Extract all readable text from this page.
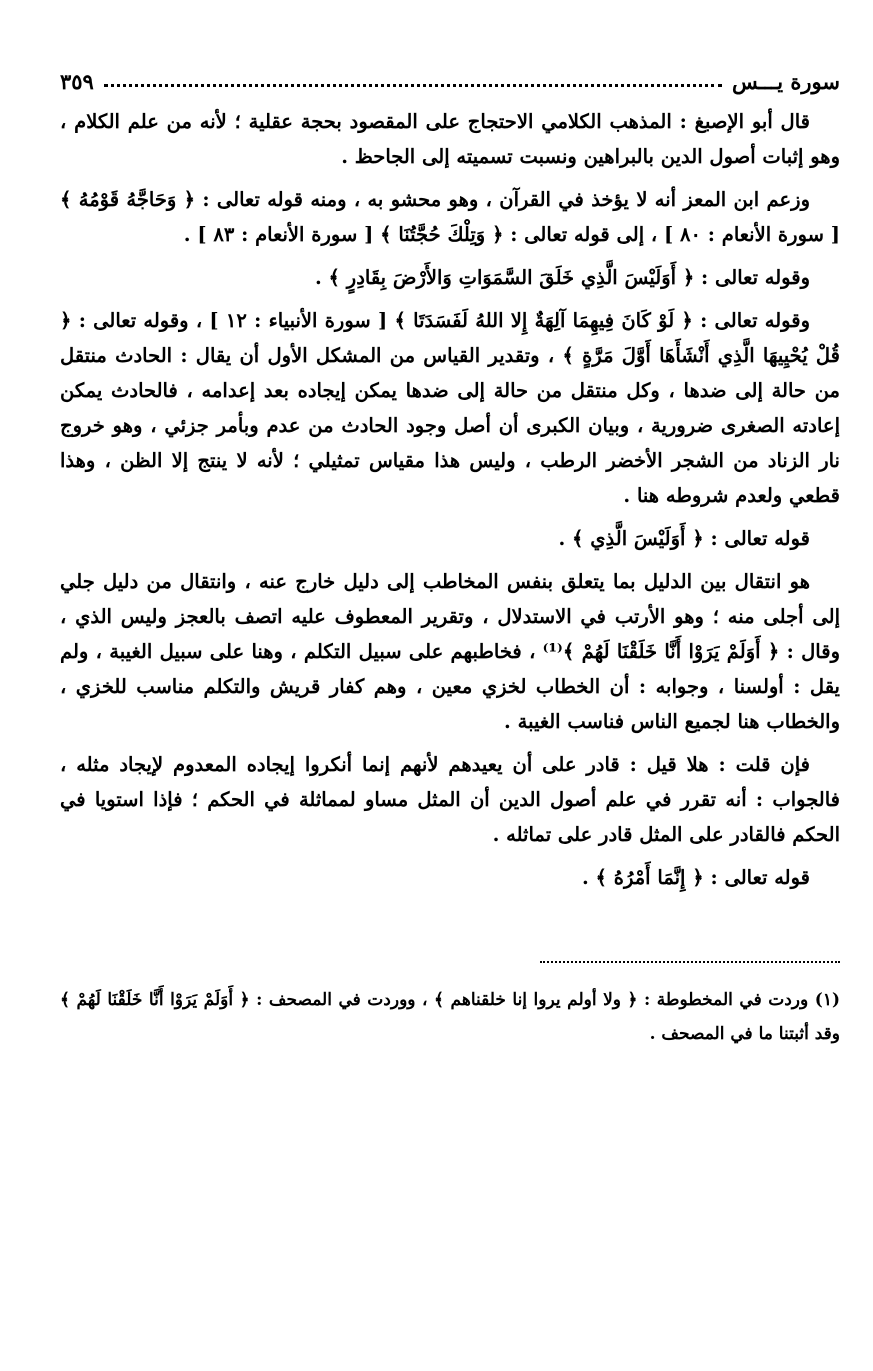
سورة يـــس
٣٥٩

قال أبو الإصبغ : المذهب الكلامي الاحتجاج على المقصود بحجة عقلية ؛ لأنه من علم الكلام ، وهو إثبات أصول الدين بالبراهين ونسبت تسميته إلى الجاحظ .

وزعم ابن المعز أنه لا يؤخذ في القرآن ، وهو محشو به ، ومنه قوله تعالى : ﴿ وَحَاجَّهُ قَوْمُهُ ﴾ [ سورة الأنعام : ٨٠ ] ، إلى قوله تعالى : ﴿ وَتِلْكَ حُجَّتُنَا ﴾ [ سورة الأنعام : ٨٣ ] .

وقوله تعالى : ﴿ أَوَلَيْسَ الَّذِي خَلَقَ السَّمَوَاتِ وَالأَرْضَ بِقَادِرٍ ﴾ .

وقوله تعالى : ﴿ لَوْ كَانَ فِيهِمَا آلِهَةٌ إِلا اللهُ لَفَسَدَتَا ﴾ [ سورة الأنبياء : ١٢ ] ، وقوله تعالى : ﴿ قُلْ يُحْيِيهَا الَّذِي أَنْشَأَهَا أَوَّلَ مَرَّةٍ ﴾ ، وتقدير القياس من المشكل الأول أن يقال : الحادث منتقل من حالة إلى ضدها ، وكل منتقل من حالة إلى ضدها يمكن إيجاده بعد إعدامه ، فالحادث يمكن إعادته الصغرى ضرورية ، وبيان الكبرى أن أصل وجود الحادث من عدم وبأمر جزئي ، وهو خروج نار الزناد من الشجر الأخضر الرطب ، وليس هذا مقياس تمثيلي ؛ لأنه لا ينتج إلا الظن ، وهذا قطعي ولعدم شروطه هنا .

قوله تعالى : ﴿ أَوَلَيْسَ الَّذِي ﴾ .

هو انتقال بين الدليل بما يتعلق بنفس المخاطب إلى دليل خارج عنه ، وانتقال من دليل جلي إلى أجلى منه ؛ وهو الأرتب في الاستدلال ، وتقرير المعطوف عليه اتصف بالعجز وليس الذي ، وقال : ﴿ أَوَلَمْ يَرَوْا أَنَّا خَلَقْنَا لَهُمْ ﴾⁽¹⁾ ، فخاطبهم على سبيل التكلم ، وهنا على سبيل الغيبة ، ولم يقل : أولسنا ، وجوابه : أن الخطاب لخزي معين ، وهم كفار قريش والتكلم مناسب للخزي ، والخطاب هنا لجميع الناس فناسب الغيبة .

فإن قلت : هلا قيل : قادر على أن يعيدهم لأنهم إنما أنكروا إيجاده المعدوم لإيجاد مثله ، فالجواب : أنه تقرر في علم أصول الدين أن المثل مساو لمماثلة في الحكم ؛ فإذا استويا في الحكم فالقادر على المثل قادر على تماثله .

قوله تعالى : ﴿ إِنَّمَا أَمْرُهُ ﴾ .

(١) وردت في المخطوطة : ﴿ ولا أولم يروا إنا خلقناهم ﴾ ، ووردت في المصحف : ﴿ أَوَلَمْ يَرَوْا أَنَّا خَلَقْنَا لَهُمْ ﴾ وقد أثبتنا ما في المصحف .
